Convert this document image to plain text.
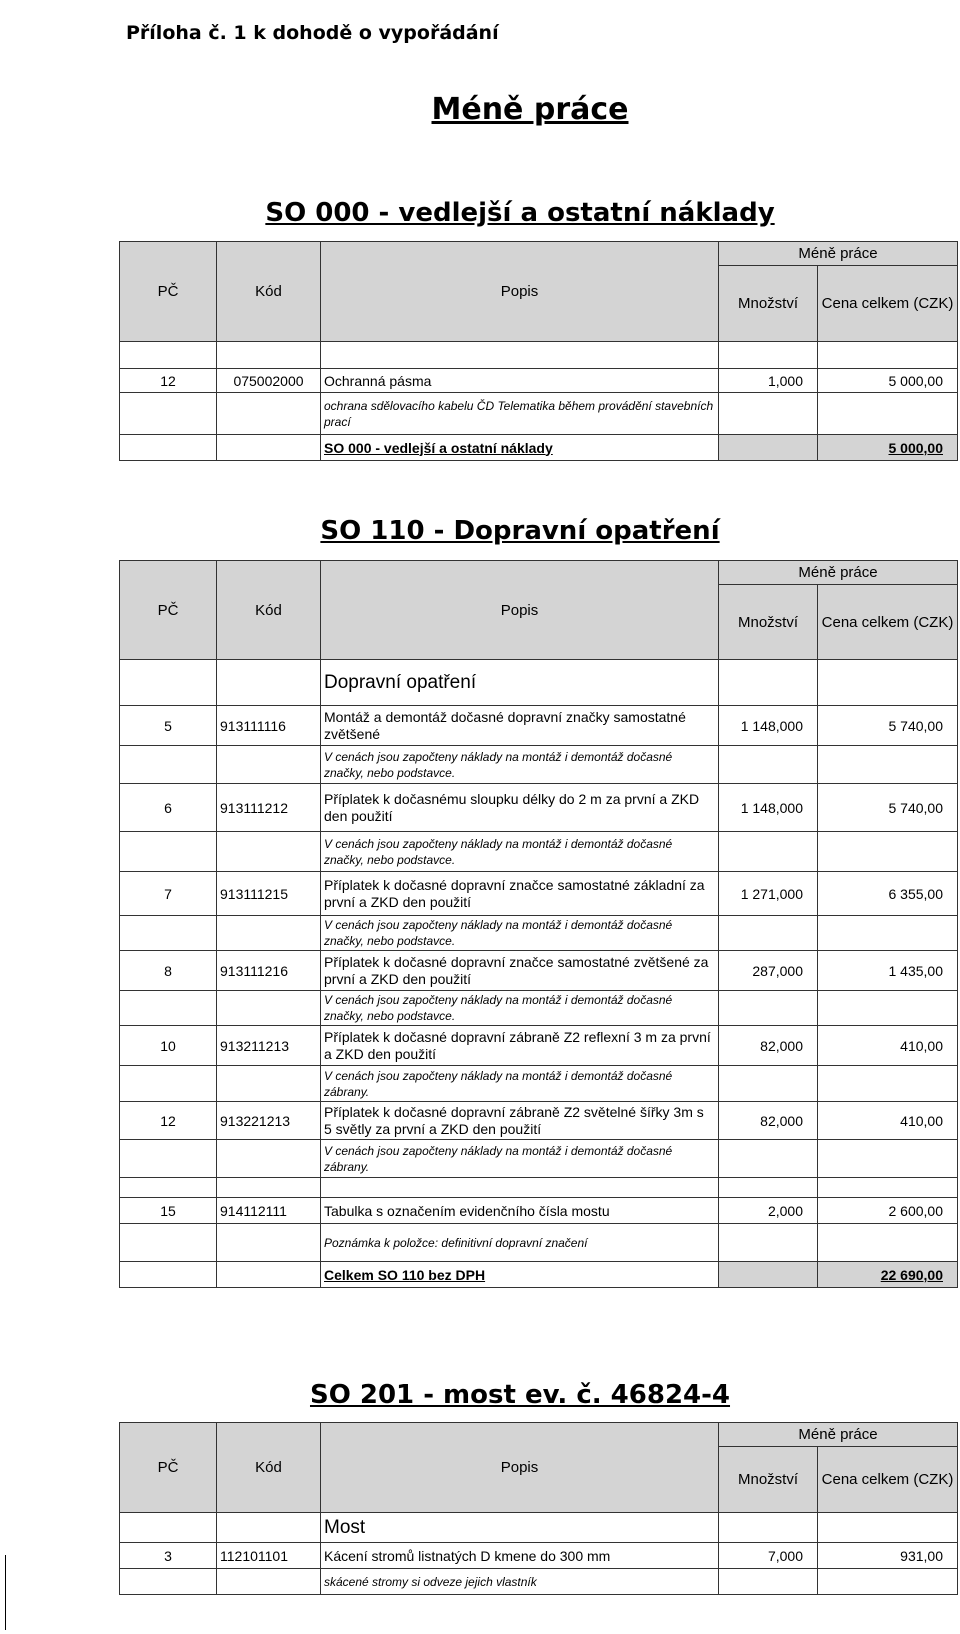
Příloha č. 1 k dohodě o vypořádání
Méně práce
SO 000 - vedlejší a ostatní náklady
PČ	Kód	Popis	Méně práce	
			Množství	Cena celkem (CZK)

12	075002000	Ochranná pásma	1,000	5 000,00
		ochrana sdělovacího kabelu ČD Telematika během provádění stavebních prací		
		SO 000 - vedlejší a ostatní náklady		5 000,00
SO 110 - Dopravní opatření
PČ	Kód	Popis	Méně práce	
			Množství	Cena celkem (CZK)
		Dopravní opatření		
5	913111116	Montáž a demontáž dočasné dopravní značky samostatné zvětšené	1 148,000	5 740,00
		V cenách jsou započteny náklady na montáž i demontáž dočasné značky, nebo podstavce.		
6	913111212	Příplatek k dočasnému sloupku délky do 2 m za první a ZKD den použití	1 148,000	5 740,00
		V cenách jsou započteny náklady na montáž i demontáž dočasné značky, nebo podstavce.		
7	913111215	Příplatek k dočasné dopravní značce samostatné základní za první a ZKD den použití	1 271,000	6 355,00
		V cenách jsou započteny náklady na montáž i demontáž dočasné značky, nebo podstavce.		
8	913111216	Příplatek k dočasné dopravní značce samostatné zvětšené za první a ZKD den použití	287,000	1 435,00
		V cenách jsou započteny náklady na montáž i demontáž dočasné značky, nebo podstavce.		
10	913211213	Příplatek k dočasné dopravní zábraně Z2 reflexní 3 m za první a ZKD den použití	82,000	410,00
		V cenách jsou započteny náklady na montáž i demontáž dočasné zábrany.		
12	913221213	Příplatek k dočasné dopravní zábraně Z2 světelné šířky 3m s 5 světly za první a ZKD den použití	82,000	410,00
		V cenách jsou započteny náklady na montáž i demontáž dočasné zábrany.		

15	914112111	Tabulka s označením evidenčního čísla mostu	2,000	2 600,00
		Poznámka k položce: definitivní dopravní značení		
		Celkem SO 110 bez DPH		22 690,00
SO 201 - most ev. č. 46824-4
PČ	Kód	Popis	Méně práce	
			Množství	Cena celkem (CZK)
		Most		
3	112101101	Kácení stromů listnatých D kmene do 300 mm	7,000	931,00
		skácené stromy si odveze jejich vlastník		
